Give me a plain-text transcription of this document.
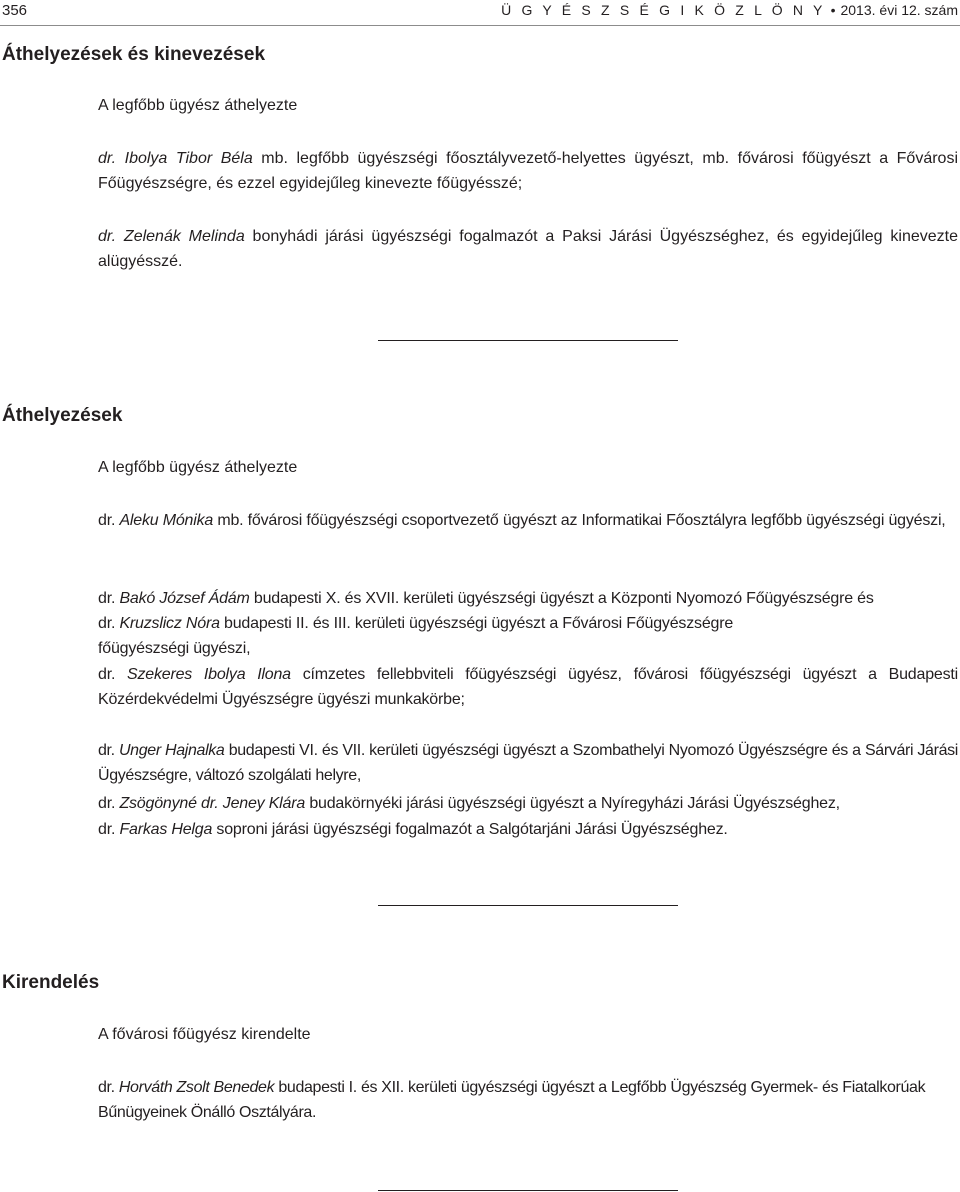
356	Ü G Y É S Z S É G I K Ö Z L Ö N Y • 2013. évi 12. szám
Áthelyezések és kinevezések
A legfőbb ügyész áthelyezte

dr. Ibolya Tibor Béla mb. legfőbb ügyészségi főosztályvezető-helyettes ügyészt, mb. fővárosi főügyészt a Fővárosi Főügyészségre, és ezzel egyidejűleg kinevezte főügyésszé;

dr. Zelenák Melinda bonyhádi járási ügyészségi fogalmazót a Paksi Járási Ügyészséghez, és egyidejűleg kinevezte alügyésszé.

Áthelyezések
A legfőbb ügyész áthelyezte

dr. Aleku Mónika mb. fővárosi főügyészségi csoportvezető ügyészt az Informatikai Főosztályra legfőbb ügyészségi ügyészi,

dr. Bakó József Ádám budapesti X. és XVII. kerületi ügyészségi ügyészt a Központi Nyomozó Főügyészségre és

dr. Kruzslicz Nóra budapesti II. és III. kerületi ügyészségi ügyészt a Fővárosi Főügyészségre főügyészségi ügyészi,

dr. Szekeres Ibolya Ilona címzetes fellebbviteli főügyészségi ügyész, fővárosi főügyészségi ügyészt a Budapesti Közérdekvédelmi Ügyészségre ügyészi munkakörbe;

dr. Unger Hajnalka budapesti VI. és VII. kerületi ügyészségi ügyészt a Szombathelyi Nyomozó Ügyészségre és a Sárvári Járási Ügyészségre, változó szolgálati helyre,

dr. Zsögönyné dr. Jeney Klára budakörnyéki járási ügyészségi ügyészt a Nyíregyházi Járási Ügyészséghez,

dr. Farkas Helga soproni járási ügyészségi fogalmazót a Salgótarjáni Járási Ügyészséghez.

Kirendelés
A fővárosi főügyész kirendelte

dr. Horváth Zsolt Benedek budapesti I. és XII. kerületi ügyészségi ügyészt a Legfőbb Ügyészség Gyermek- és Fiatalkorúak Bűnügyeinek Önálló Osztályára.
